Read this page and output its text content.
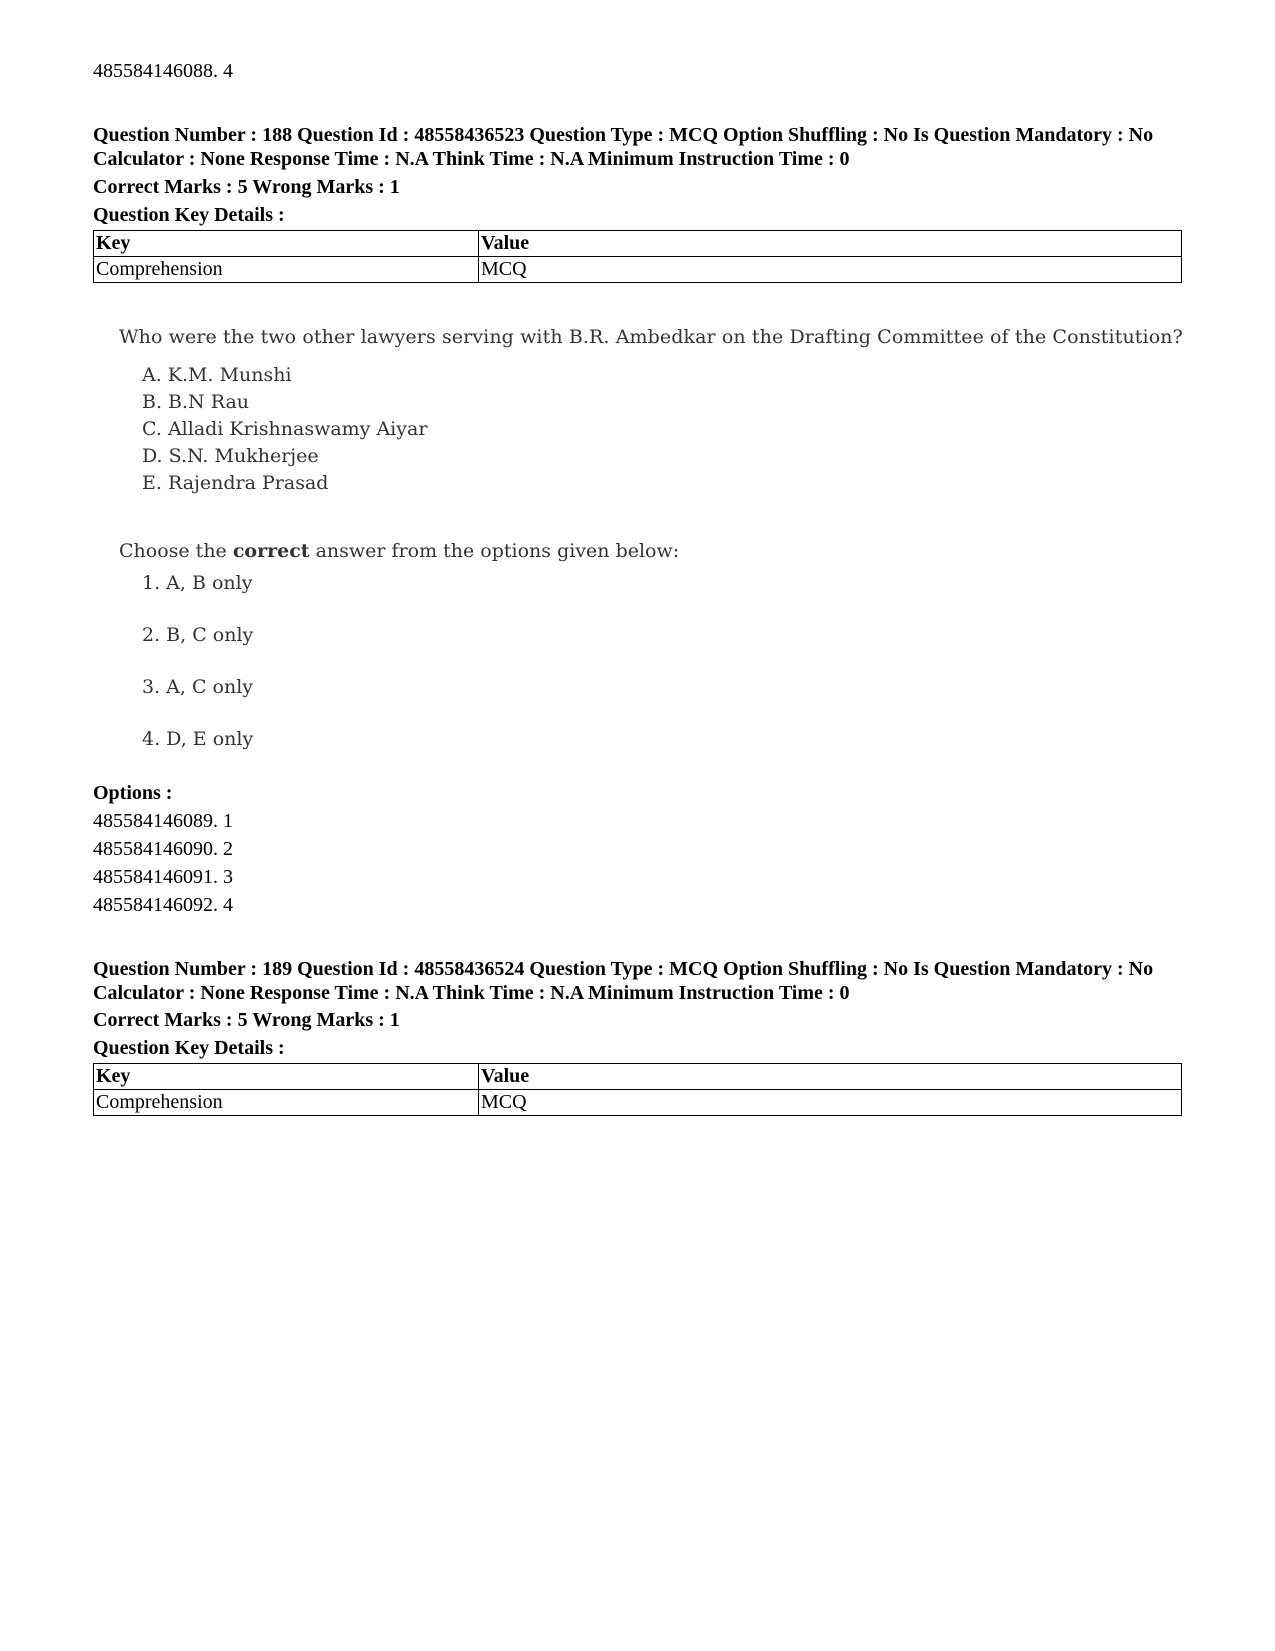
485584146088. 4
Question Number : 188 Question Id : 48558436523 Question Type : MCQ Option Shuffling : No Is Question Mandatory : No Calculator : None Response Time : N.A Think Time : N.A Minimum Instruction Time : 0
Correct Marks : 5 Wrong Marks : 1
Question Key Details :
Key	Value
Comprehension	MCQ
Who were the two other lawyers serving with B.R. Ambedkar on the Drafting Committee of the Constitution?
A. K.M. Munshi
B. B.N Rau
C. Alladi Krishnaswamy Aiyar
D. S.N. Mukherjee
E. Rajendra Prasad
Choose the correct answer from the options given below:
1. A, B only
2. B, C only
3. A, C only
4. D, E only
Options :
485584146089. 1
485584146090. 2
485584146091. 3
485584146092. 4
Question Number : 189 Question Id : 48558436524 Question Type : MCQ Option Shuffling : No Is Question Mandatory : No Calculator : None Response Time : N.A Think Time : N.A Minimum Instruction Time : 0
Correct Marks : 5 Wrong Marks : 1
Question Key Details :
Key	Value
Comprehension	MCQ
